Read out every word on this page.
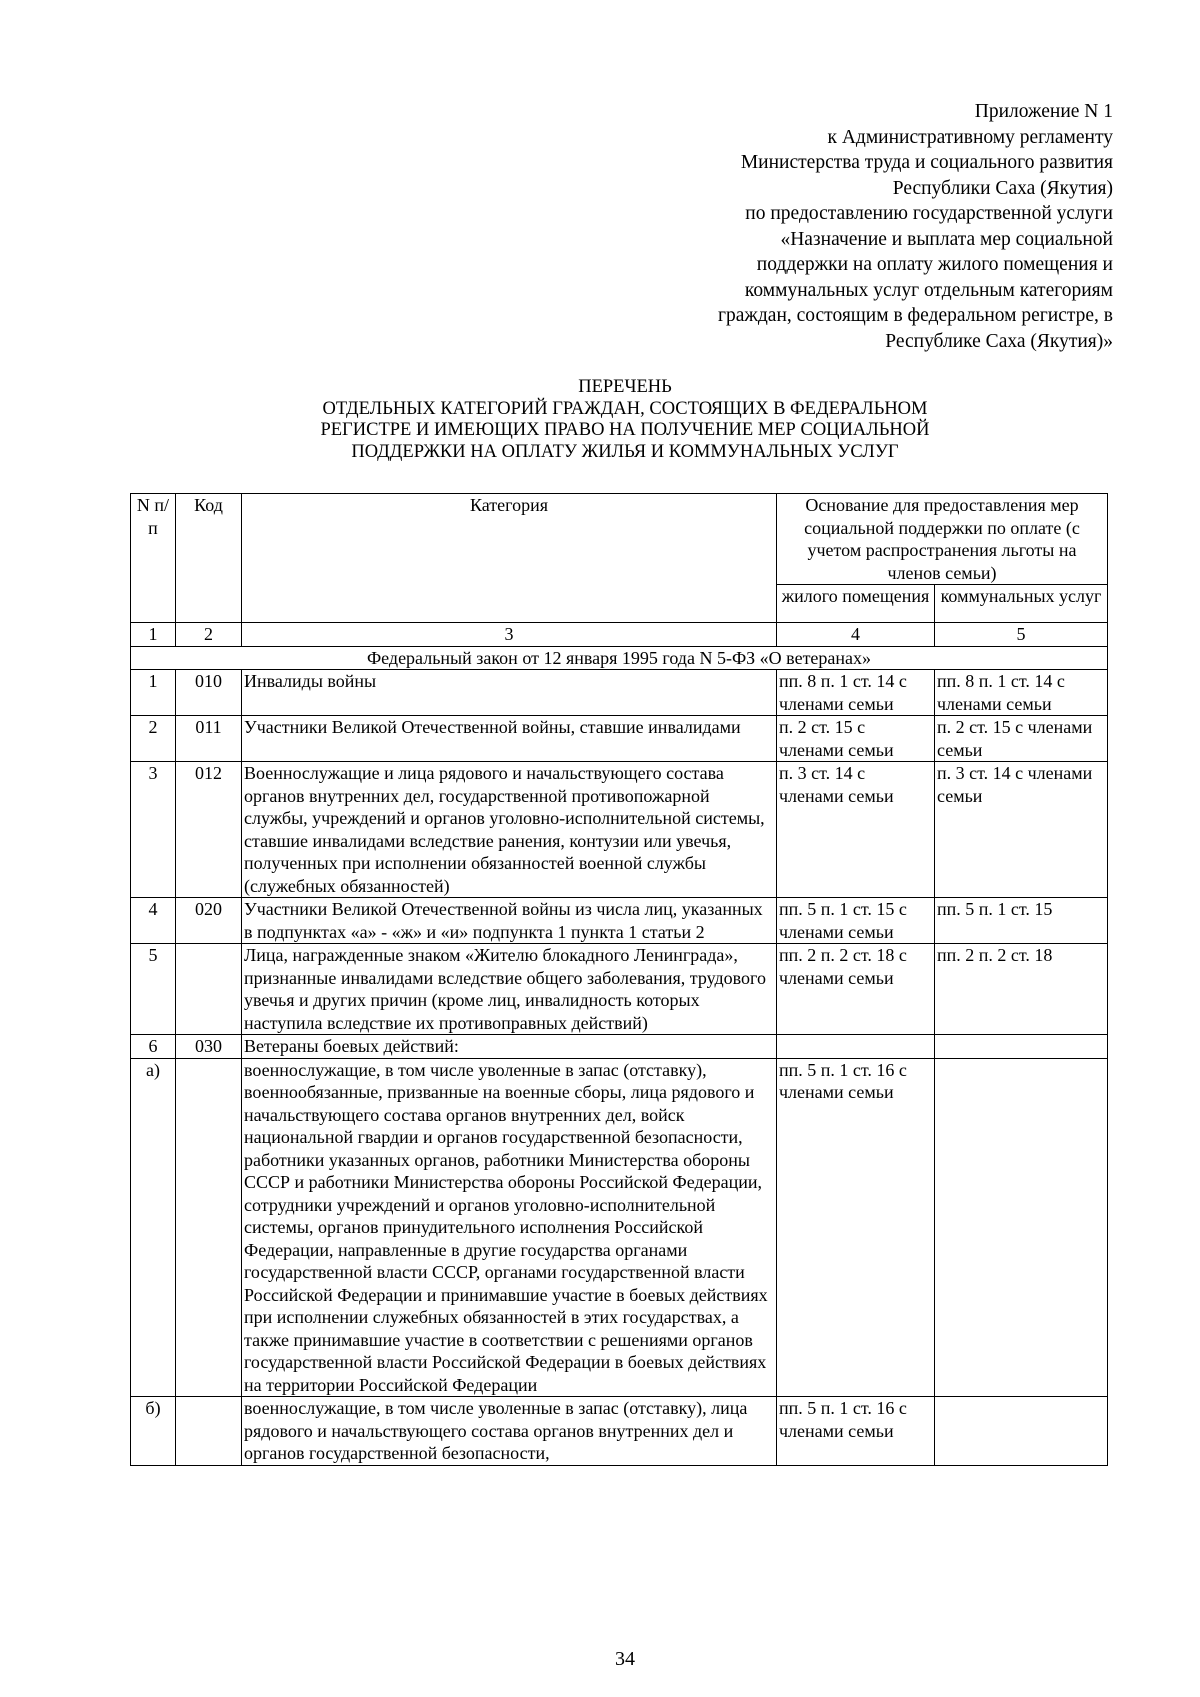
Приложение N 1
к Административному регламенту
Министерства труда и социального развития
Республики Саха (Якутия)
по предоставлению государственной услуги
«Назначение и выплата мер социальной
поддержки на оплату жилого помещения и
коммунальных услуг отдельным категориям
граждан, состоящим в федеральном регистре, в
Республике Саха (Якутия)»
ПЕРЕЧЕНЬ
ОТДЕЛЬНЫХ КАТЕГОРИЙ ГРАЖДАН, СОСТОЯЩИХ В ФЕДЕРАЛЬНОМ
РЕГИСТРЕ И ИМЕЮЩИХ ПРАВО НА ПОЛУЧЕНИЕ МЕР СОЦИАЛЬНОЙ
ПОДДЕРЖКИ НА ОПЛАТУ ЖИЛЬЯ И КОММУНАЛЬНЫХ УСЛУГ
N п/п	Код	Категория	Основание для предоставления мер социальной поддержки по оплате (с учетом распространения льготы на членов семьи)	
			жилого помещения	коммунальных услуг
1	2	3	4	5
Федеральный закон от 12 января 1995 года N 5-ФЗ «О ветеранах»				
1	010	Инвалиды войны	пп. 8 п. 1 ст. 14 с членами семьи	пп. 8 п. 1 ст. 14 с членами семьи
2	011	Участники Великой Отечественной войны, ставшие инвалидами	п. 2 ст. 15 с членами семьи	п. 2 ст. 15 с членами семьи
3	012	Военнослужащие и лица рядового и начальствующего состава органов внутренних дел, государственной противопожарной службы, учреждений и органов уголовно-исполнительной системы, ставшие инвалидами вследствие ранения, контузии или увечья, полученных при исполнении обязанностей военной службы (служебных обязанностей)	п. 3 ст. 14 с членами семьи	п. 3 ст. 14 с членами семьи
4	020	Участники Великой Отечественной войны из числа лиц, указанных в подпунктах «а» - «ж» и «и» подпункта 1 пункта 1 статьи 2	пп. 5 п. 1 ст. 15 с членами семьи	пп. 5 п. 1 ст. 15
5		Лица, награжденные знаком «Жителю блокадного Ленинграда», признанные инвалидами вследствие общего заболевания, трудового увечья и других причин (кроме лиц, инвалидность которых наступила вследствие их противоправных действий)	пп. 2 п. 2 ст. 18 с членами семьи	пп. 2 п. 2 ст. 18
6	030	Ветераны боевых действий:		
а)		военнослужащие, в том числе уволенные в запас (отставку), военнообязанные, призванные на военные сборы, лица рядового и начальствующего состава органов внутренних дел, войск национальной гвардии и органов государственной безопасности, работники указанных органов, работники Министерства обороны СССР и работники Министерства обороны Российской Федерации, сотрудники учреждений и органов уголовно-исполнительной системы, органов принудительного исполнения Российской Федерации, направленные в другие государства органами государственной власти СССР, органами государственной власти Российской Федерации и принимавшие участие в боевых действиях при исполнении служебных обязанностей в этих государствах, а также принимавшие участие в соответствии с решениями органов государственной власти Российской Федерации в боевых действиях на территории Российской Федерации	пп. 5 п. 1 ст. 16 с членами семьи	
б)		военнослужащие, в том числе уволенные в запас (отставку), лица рядового и начальствующего состава органов внутренних дел и органов государственной безопасности,	пп. 5 п. 1 ст. 16 с членами семьи	
34
